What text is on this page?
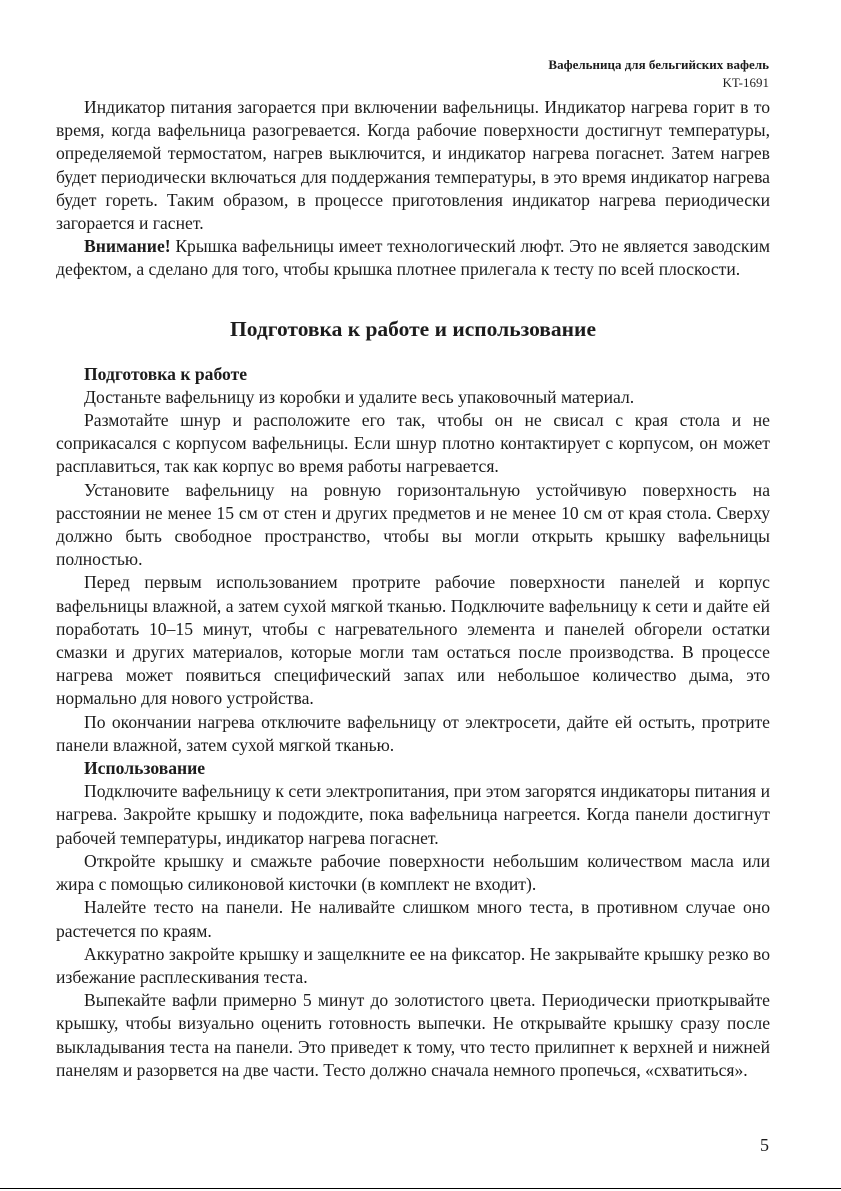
Вафельница для бельгийских вафель
KT-1691

Индикатор питания загорается при включении вафельницы. Индикатор нагрева горит в то время, когда вафельница разогревается. Когда рабочие поверхности достигнут температуры, определяемой термостатом, нагрев выключится, и индикатор нагрева погаснет. Затем нагрев будет периодически включаться для поддержания температуры, в это время индикатор нагрева будет гореть. Таким образом, в процессе приготовления индикатор нагрева периодически загорается и гаснет.

Внимание! Крышка вафельницы имеет технологический люфт. Это не является заводским дефектом, а сделано для того, чтобы крышка плотнее прилегала к тесту по всей плоскости.

Подготовка к работе и использование

Подготовка к работе

Достаньте вафельницу из коробки и удалите весь упаковочный материал.

Размотайте шнур и расположите его так, чтобы он не свисал с края стола и не соприкасался с корпусом вафельницы. Если шнур плотно контактирует с корпусом, он может расплавиться, так как корпус во время работы нагревается.

Установите вафельницу на ровную горизонтальную устойчивую поверхность на расстоянии не менее 15 см от стен и других предметов и не менее 10 см от края стола. Сверху должно быть свободное пространство, чтобы вы могли открыть крышку вафельницы полностью.

Перед первым использованием протрите рабочие поверхности панелей и корпус вафельницы влажной, а затем сухой мягкой тканью. Подключите вафельницу к сети и дайте ей поработать 10–15 минут, чтобы с нагревательного элемента и панелей обгорели остатки смазки и других материалов, которые могли там остаться после производства. В процессе нагрева может появиться специфический запах или небольшое количество дыма, это нормально для нового устройства.

По окончании нагрева отключите вафельницу от электросети, дайте ей остыть, протрите панели влажной, затем сухой мягкой тканью.

Использование

Подключите вафельницу к сети электропитания, при этом загорятся индикаторы питания и нагрева. Закройте крышку и подождите, пока вафельница нагреется. Когда панели достигнут рабочей температуры, индикатор нагрева погаснет.

Откройте крышку и смажьте рабочие поверхности небольшим количеством масла или жира с помощью силиконовой кисточки (в комплект не входит).

Налейте тесто на панели. Не наливайте слишком много теста, в противном случае оно растечется по краям.

Аккуратно закройте крышку и защелкните ее на фиксатор. Не закрывайте крышку резко во избежание расплескивания теста.

Выпекайте вафли примерно 5 минут до золотистого цвета. Периодически приоткрывайте крышку, чтобы визуально оценить готовность выпечки. Не открывайте крышку сразу после выкладывания теста на панели. Это приведет к тому, что тесто прилипнет к верхней и нижней панелям и разорвется на две части. Тесто должно сначала немного пропечься, «схватиться».

5
